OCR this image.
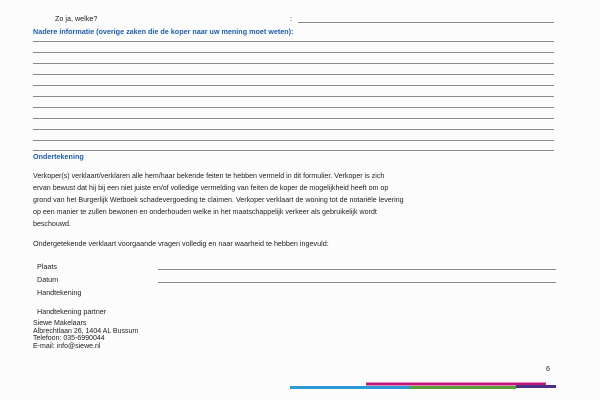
Zo ja, welke?	:
Nadere informatie (overige zaken die de koper naar uw mening moet weten):
Ondertekening
Verkoper(s) verklaart/verklaren alle hem/haar bekende feiten te hebben vermeld in dit formulier. Verkoper is zich
ervan bewust dat hij bij een niet juiste en/of volledige vermelding van feiten de koper de mogelijkheid heeft om op
grond van het Burgerlijk Wetboek schadevergoeding te claimen. Verkoper verklaart de woning tot de notariële levering
op een manier te zullen bewonen en onderhouden welke in het maatschappelijk verkeer als gebruikelijk wordt
beschouwd.
Ondergetekende verklaart voorgaande vragen volledig en naar waarheid te hebben ingevuld:
Plaats
Datum
Handtekening
Handtekening partner
Siewe Makelaars
Albrechtlaan 26, 1404 AL Bussum
Telefoon: 035-6990044
E-mail: info@siewe.nl
6
